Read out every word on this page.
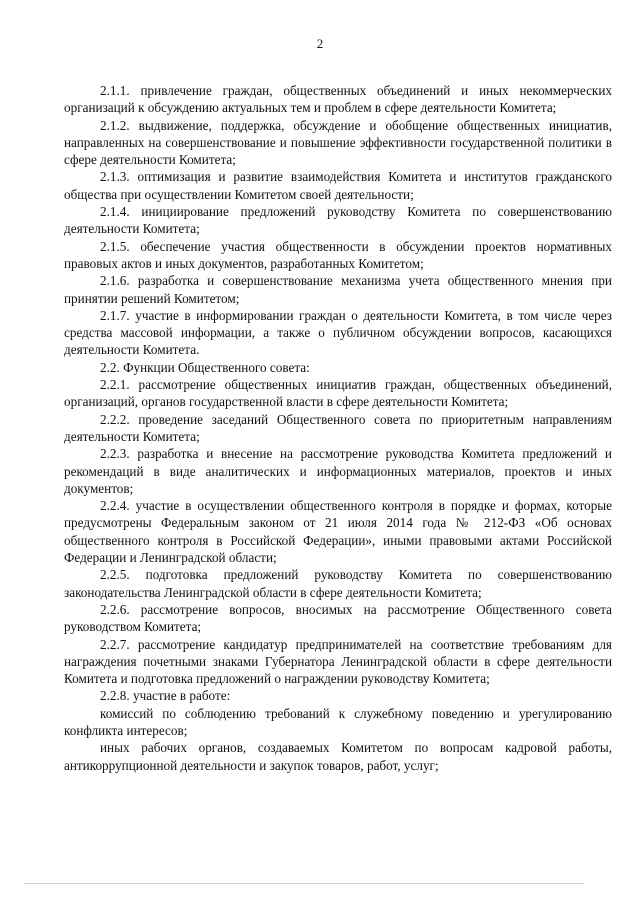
2

2.1.1. привлечение граждан, общественных объединений и иных некоммерческих организаций к обсуждению актуальных тем и проблем в сфере деятельности Комитета;

2.1.2. выдвижение, поддержка, обсуждение и обобщение общественных инициатив, направленных на совершенствование и повышение эффективности государственной политики в сфере деятельности Комитета;

2.1.3. оптимизация и развитие взаимодействия Комитета и институтов гражданского общества при осуществлении Комитетом своей деятельности;

2.1.4. инициирование предложений руководству Комитета по совершенствованию деятельности Комитета;

2.1.5. обеспечение участия общественности в обсуждении проектов нормативных правовых актов и иных документов, разработанных Комитетом;

2.1.6. разработка и совершенствование механизма учета общественного мнения при принятии решений Комитетом;

2.1.7. участие в информировании граждан о деятельности Комитета, в том числе через средства массовой информации, а также о публичном обсуждении вопросов, касающихся деятельности Комитета.

2.2. Функции Общественного совета:

2.2.1. рассмотрение общественных инициатив граждан, общественных объединений, организаций, органов государственной власти в сфере деятельности Комитета;

2.2.2. проведение заседаний Общественного совета по приоритетным направлениям деятельности Комитета;

2.2.3. разработка и внесение на рассмотрение руководства Комитета предложений и рекомендаций в виде аналитических и информационных материалов, проектов и иных документов;

2.2.4. участие в осуществлении общественного контроля в порядке и формах, которые предусмотрены Федеральным законом от 21 июля 2014 года № 212-ФЗ «Об основах общественного контроля в Российской Федерации», иными правовыми актами Российской Федерации и Ленинградской области;

2.2.5. подготовка предложений руководству Комитета по совершенствованию законодательства Ленинградской области в сфере деятельности Комитета;

2.2.6. рассмотрение вопросов, вносимых на рассмотрение Общественного совета руководством Комитета;

2.2.7. рассмотрение кандидатур предпринимателей на соответствие требованиям для награждения почетными знаками Губернатора Ленинградской области в сфере деятельности Комитета и подготовка предложений о награждении руководству Комитета;

2.2.8. участие в работе:

комиссий по соблюдению требований к служебному поведению и урегулированию конфликта интересов;

иных рабочих органов, создаваемых Комитетом по вопросам кадровой работы, антикоррупционной деятельности и закупок товаров, работ, услуг;
